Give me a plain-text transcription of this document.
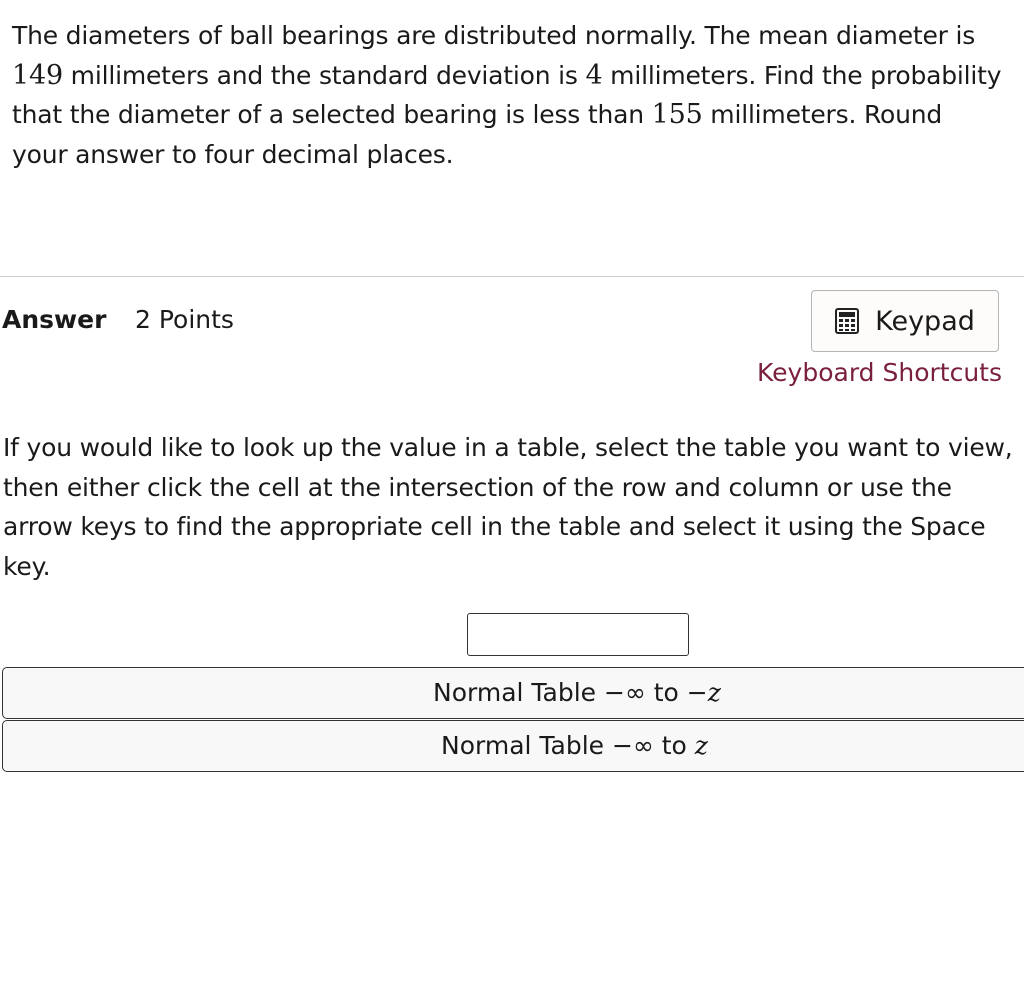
The diameters of ball bearings are distributed normally. The mean diameter is 149 millimeters and the standard deviation is 4 millimeters. Find the probability that the diameter of a selected bearing is less than 155 millimeters. Round your answer to four decimal places.
Answer 2 Points	Keypad
Keyboard Shortcuts
If you would like to look up the value in a table, select the table you want to view, then either click the cell at the intersection of the row and column or use the arrow keys to find the appropriate cell in the table and select it using the Space key.
Normal Table −∞ to −z
Normal Table −∞ to z
